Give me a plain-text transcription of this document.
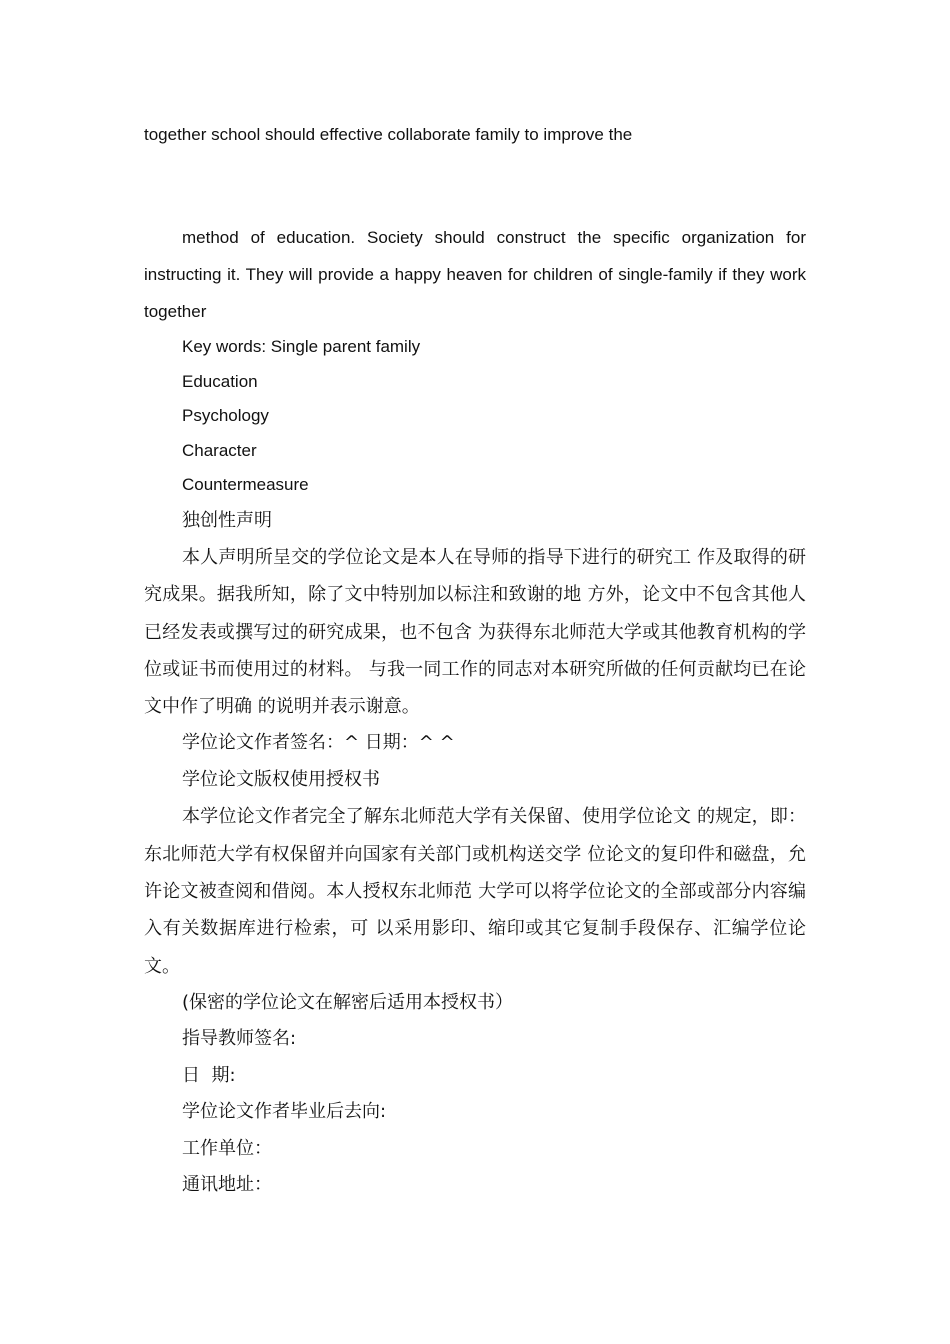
together school should effective collaborate family to improve the

method of education. Society should construct the specific organization for instructing it. They will provide a happy heaven for children of single-family if they work together

Key words: Single parent family

Education

Psychology

Character

Countermeasure

独创性声明

本人声明所呈交的学位论文是本人在导师的指导下进行的研究工 作及取得的研究成果。据我所知，除了文中特别加以标注和致谢的地 方外，论文中不包含其他人已经发表或撰写过的研究成果，也不包含 为获得东北师范大学或其他教育机构的学位或证书而使用过的材料。 与我一同工作的同志对本研究所做的任何贡献均已在论文中作了明确 的说明并表示谢意。

学位论文作者签名：^ 日期：^ ^

学位论文版权使用授权书

本学位论文作者完全了解东北师范大学有关保留、使用学位论文 的规定，即：东北师范大学有权保留并向国家有关部门或机构送交学 位论文的复印件和磁盘，允许论文被查阅和借阅。本人授权东北师范 大学可以将学位论文的全部或部分内容编入有关数据库进行检索，可 以采用影印、缩印或其它复制手段保存、汇编学位论文。

(保密的学位论文在解密后适用本授权书）

指导教师签名:

日  期:

学位论文作者毕业后去向:

工作单位：

通讯地址：
